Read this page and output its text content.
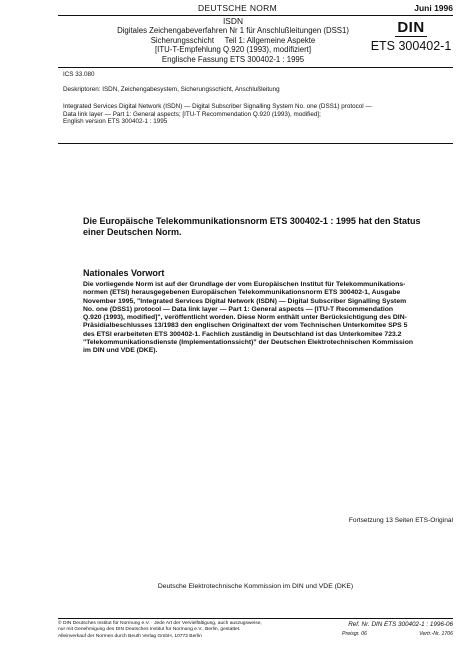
DEUTSCHE NORM	Juni 1996
ISDN
Digitales Zeichengabeverfahren Nr 1 für Anschlußleitungen (DSS1)
Sicherungsschicht     Teil 1: Allgemeine Aspekte
[ITU-T-Empfehlung Q.920 (1993), modifiziert]
Englische Fassung ETS 300402-1 : 1995
DIN
ETS 300402-1
ICS 33.080
Deskriptoren: ISDN, Zeichengabesystem, Sicherungsschicht, Anschlußleitung
Integrated Services Digital Network (ISDN) — Digital Subscriber Signalling System No. one (DSS1) protocol —
Data link layer — Part 1: General aspects; [ITU-T Recommendation Q.920 (1993), modified];
English version ETS 300402-1 : 1995
Die Europäische Telekommunikationsnorm ETS 300402-1 : 1995 hat den Status
einer Deutschen Norm.
Nationales Vorwort
Die vorliegende Norm ist auf der Grundlage der vom Europäischen Institut für Telekommunikations-
normen (ETSI) herausgegebenen Europäischen Telekommunikationsnorm ETS 300402-1, Ausgabe
November 1995, "Integrated Services Digital Network (ISDN) — Digital Subscriber Signalling System
No. one (DSS1) protocol — Data link layer — Part 1: General aspects — [ITU-T Recommendation
Q.920 (1993), modified]", veröffentlicht worden. Diese Norm enthält unter Berücksichtigung des DIN-
Präsidialbeschlusses 13/1983 den englischen Originaltext der vom Technischen Unterkomitee SPS 5
des ETSI erarbeiteten ETS 300402-1. Fachlich zuständig in Deutschland ist das Unterkomitee 723.2
"Telekommunikationsdienste (Implementationssicht)" der Deutschen Elektrotechnischen Kommission
im DIN und VDE (DKE).
Fortsetzung 13 Seiten ETS-Original
Deutsche Elektrotechnische Kommission im DIN und VDE (DKE)
© DIN Deutsches Institut für Normung e.V. · Jede Art der Vervielfältigung, auch auszugsweise,
nur mit Genehmigung des DIN Deutsches Institut für Normung e.V., Berlin, gestattet.
Alleinverkauf der Normen durch Beuth Verlag GmbH, 10772 Berlin
Ref. Nr. DIN ETS 300402-1 : 1996-06
Preisgr. 06	Vertr.-Nr. 1706
